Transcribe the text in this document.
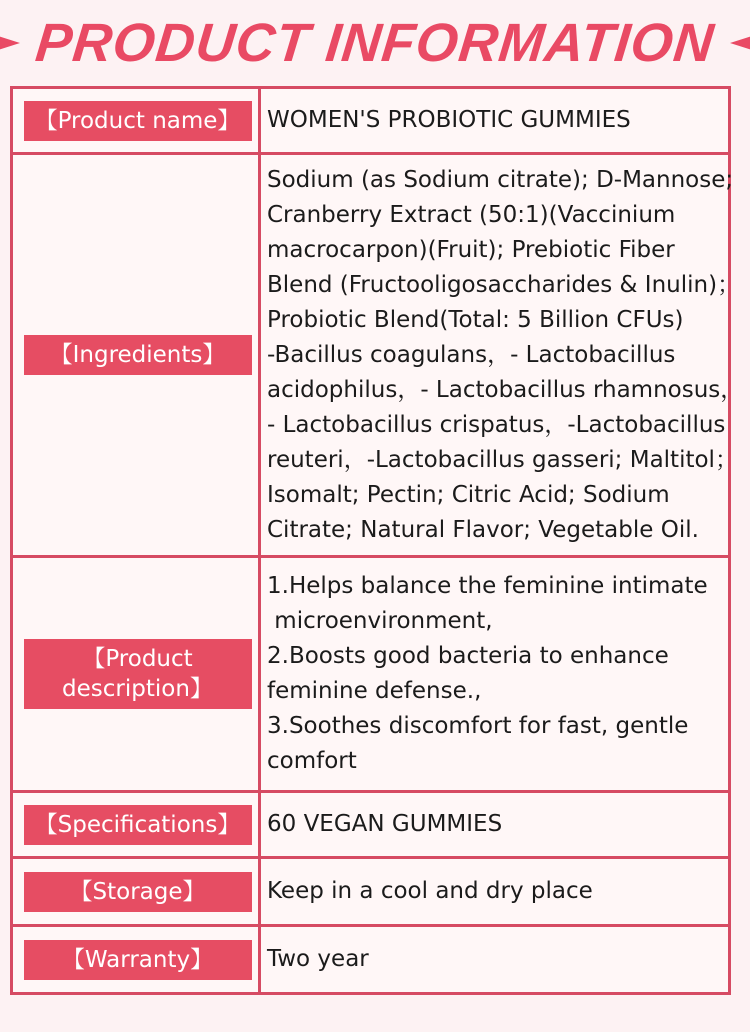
PRODUCT INFORMATION
【Product name】	WOMEN'S PROBIOTIC GUMMIES
【Ingredients】
Sodium (as Sodium citrate); D-Mannose;
Cranberry Extract (50:1)(Vaccinium
macrocarpon)(Fruit); Prebiotic Fiber
Blend (Fructooligosaccharides & Inulin)；
Probiotic Blend(Total: 5 Billion CFUs)
-Bacillus coagulans，- Lactobacillus
acidophilus，- Lactobacillus rhamnosus，
- Lactobacillus crispatus，-Lactobacillus
reuteri，-Lactobacillus gasseri; Maltitol；
Isomalt; Pectin; Citric Acid; Sodium
Citrate; Natural Flavor; Vegetable Oil.
【Product
description】
1.Helps balance the feminine intimate
microenvironment,
2.Boosts good bacteria to enhance
feminine defense.,
3.Soothes discomfort for fast, gentle
comfort
【Specifications】	60 VEGAN GUMMIES
【Storage】	Keep in a cool and dry place
【Warranty】	Two year
